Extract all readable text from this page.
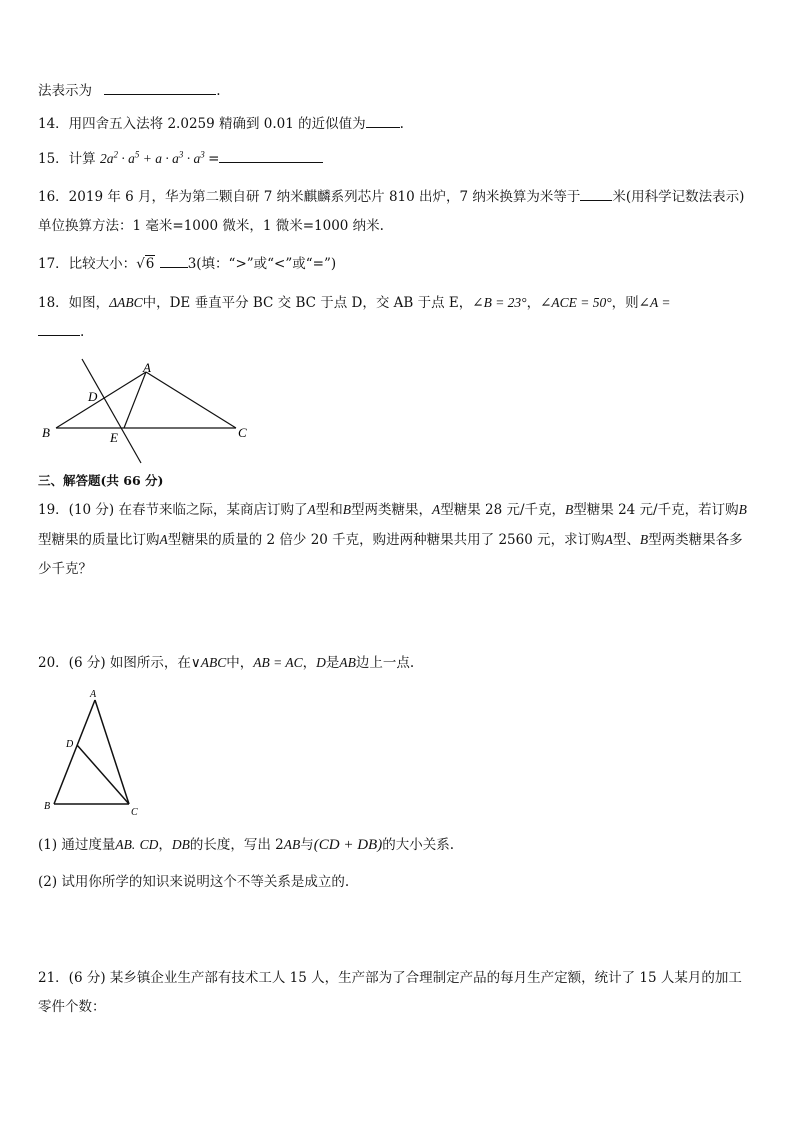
法表示为	.
14．用四舍五入法将 2.0259 精确到 0.01 的近似值为	.
15．计算 $2a^2 \cdot a^5 + a \cdot a^3 \cdot a^3$ =
16．2019 年 6 月，华为第二颗自研 7 纳米麒麟系列芯片 810 出炉，7 纳米换算为米等于 米(用科学记数法表示)单位换算方法：1 毫米=1000 微米，1 微米=1000 纳米.
17．比较大小：√6 3(填：“>”或“<”或“=”)
18．如图，ΔABC中，DE 垂直平分 BC 交 BC 于点 D，交 AB 于点 E，∠B = 23°，∠ACE = 50°，则∠A =
.
A
B	C
D
E
三、解答题(共 66 分)
19．(10 分) 在春节来临之际，某商店订购了A型和B型两类糖果，A型糖果 28 元/千克，B型糖果 24 元/千克，若订购B型糖果的质量比订购A型糖果的质量的 2 倍少 20 千克，购进两种糖果共用了 2560 元，求订购A型、B型两类糖果各多少千克？
20．(6 分) 如图所示，在∨ABC中，AB = AC，D是AB边上一点.
A
D
B
C
(1) 通过度量AB. CD，DB的长度，写出 2AB与(CD + DB)的大小关系.
(2) 试用你所学的知识来说明这个不等关系是成立的.
21．(6 分) 某乡镇企业生产部有技术工人 15 人，生产部为了合理制定产品的每月生产定额，统计了 15 人某月的加工零件个数：
